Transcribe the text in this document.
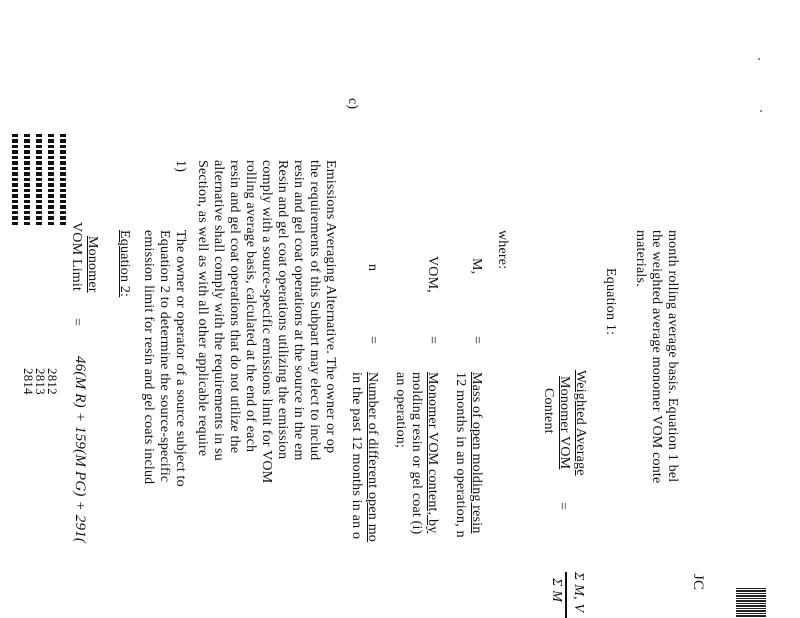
JC
month rolling average basis. Equation 1 bel
the weighted average monomer VOM conte
materials.
Equation 1:
Weighted Average
Monomer VOM
Content
=
Σ M, V
Σ M
where:
M,
=
Mass of open molding resin
12 months in an operation, n
VOM,
=
Monomer VOM content, by
molding resin or gel coat (i)
an operation;
n
=
Number of different open mo
in the past 12 months in an o
c)
Emissions Averaging Alternative. The owner or op
the requirements of this Subpart may elect to includ
resin and gel coat operations at the source in the em
Resin and gel coat operations utilizing the emission
comply with a source-specific emissions limit for VOM
rolling average basis, calculated at the end of each
resin and gel coat operations that do not utilize the
alternative shall comply with the requirements in su
Section, as well as with all other applicable require
1)
The owner or operator of a source subject to
Equation 2 to determine the source-specific
emission limit for resin and gel coats includ
Equation 2:
Monomer
VOM Limit
=
46(M R) + 159(M PG) + 291(
2812
2813
2814
